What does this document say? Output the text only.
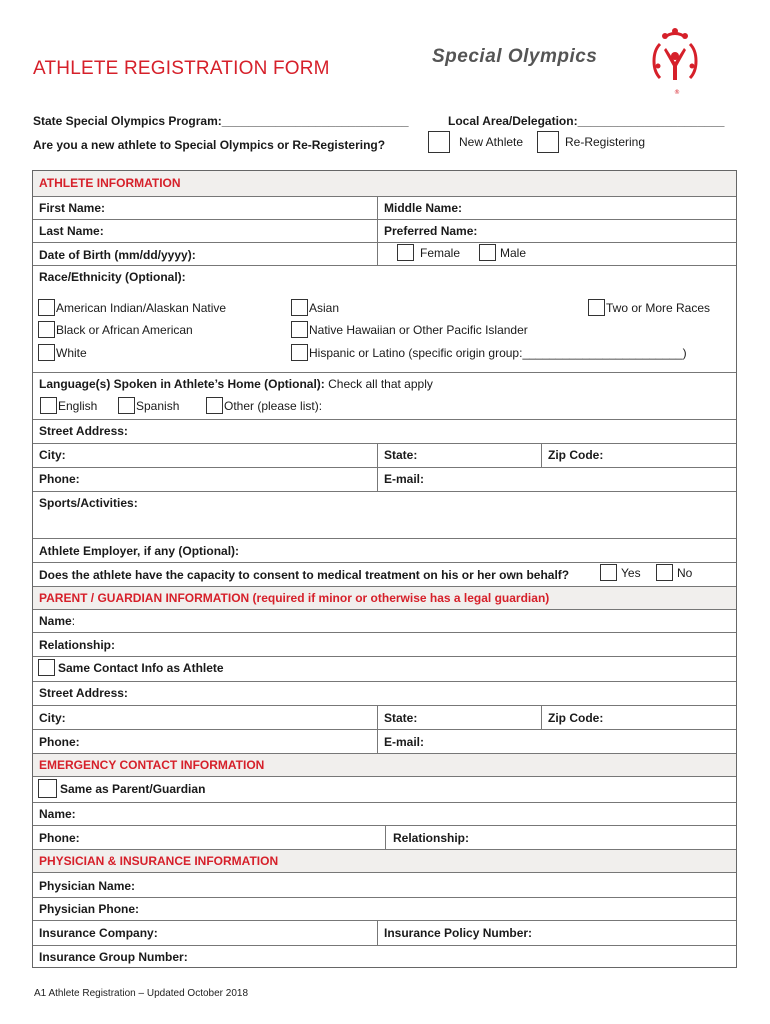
ATHLETE REGISTRATION FORM
Special Olympics
®
State Special Olympics Program:____________________________	Local Area/Delegation:______________________
Are you a new athlete to Special Olympics or Re-Registering?	New Athlete	Re-Registering
ATHLETE INFORMATION
First Name:	Middle Name:
Last Name:	Preferred Name:
Date of Birth (mm/dd/yyyy):	Female	Male
Race/Ethnicity (Optional):
American Indian/Alaskan Native	Asian	Two or More Races
Black or African American	Native Hawaiian or Other Pacific Islander
White	Hispanic or Latino (specific origin group:________________________)
Language(s) Spoken in Athlete’s Home (Optional): Check all that apply
English	Spanish	Other (please list):
Street Address:
City:	State:	Zip Code:
Phone:	E-mail:
Sports/Activities:
Athlete Employer, if any (Optional):
Does the athlete have the capacity to consent to medical treatment on his or her own behalf?	Yes	No
PARENT / GUARDIAN INFORMATION (required if minor or otherwise has a legal guardian)
Name:
Relationship:
Same Contact Info as Athlete
Street Address:
City:	State:	Zip Code:
Phone:	E-mail:
EMERGENCY CONTACT INFORMATION
Same as Parent/Guardian
Name:
Phone:	Relationship:
PHYSICIAN & INSURANCE INFORMATION
Physician Name:
Physician Phone:
Insurance Company:	Insurance Policy Number:
Insurance Group Number:
A1 Athlete Registration – Updated October 2018
